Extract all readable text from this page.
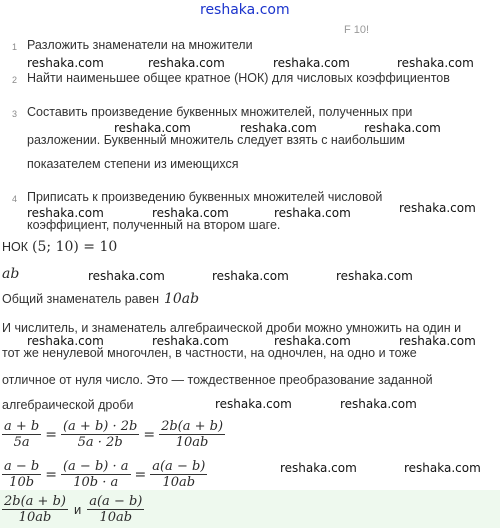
reshaka.com
F 10!
1 Разложить знаменатели на множители
reshaka.com	reshaka.com	reshaka.com	reshaka.com
2 Найти наименьшее общее кратное (НОК) для числовых коэффициентов
3 Составить произведение буквенных множителей, полученных при
reshaka.com	reshaka.com	reshaka.com
разложении. Буквенный множитель следует взять с наибольшим
показателем степени из имеющихся
4 Приписать к произведению буквенных множителей числовой
reshaka.com
reshaka.com	reshaka.com	reshaka.com
коэффициент, полученный на втором шаге.
НОК (5; 10) = 10
ab	reshaka.com	reshaka.com	reshaka.com
Общий знаменатель равен 10ab
И числитель, и знаменатель алгебраической дроби можно умножить на один и
reshaka.com	reshaka.com	reshaka.com	reshaka.com
тот же ненулевой многочлен, в частности, на одночлен, на одно и тоже
отличное от нуля число. Это — тождественное преобразование заданной
алгебраической дроби	reshaka.com	reshaka.com
$\frac{a + b}{5a} = \frac{(a + b) \cdot 2b}{5a \cdot 2b} = \frac{2b(a + b)}{10ab}$
$\frac{a - b}{10b} = \frac{(a - b) \cdot a}{10b \cdot a} = \frac{a(a - b)}{10ab}$	reshaka.com	reshaka.com
$\frac{2b(a + b)}{10ab}$ и $\frac{a(a - b)}{10ab}$
